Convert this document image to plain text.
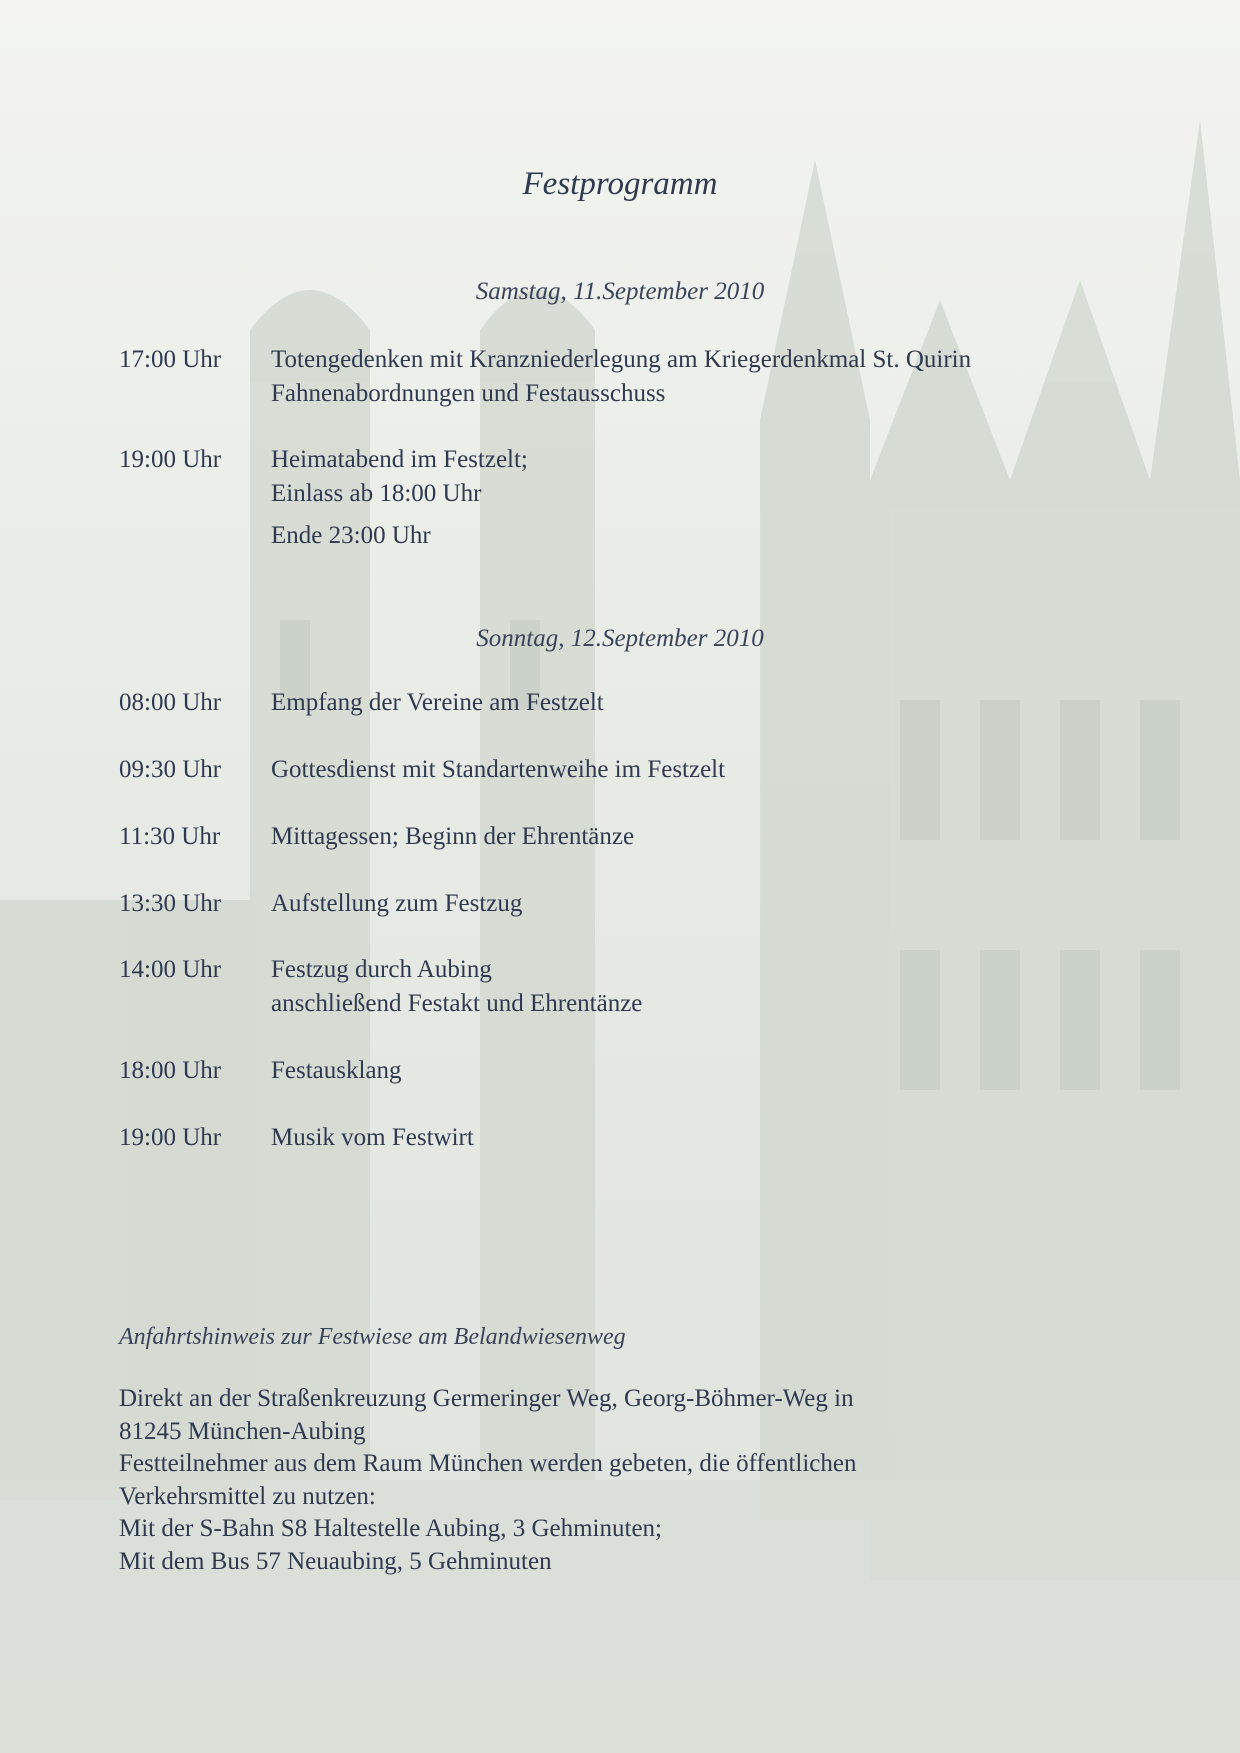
Festprogramm
Samstag, 11.September 2010
17:00 Uhr	Totengedenken mit Kranzniederlegung am Kriegerdenkmal St. Quirin
Fahnenabordnungen und Festausschuss
19:00 Uhr	Heimatabend im Festzelt;
Einlass ab 18:00 Uhr
Ende 23:00 Uhr
Sonntag, 12.September 2010
08:00 Uhr	Empfang der Vereine am Festzelt
09:30 Uhr	Gottesdienst mit Standartenweihe im Festzelt
11:30 Uhr	Mittagessen; Beginn der Ehrentänze
13:30 Uhr	Aufstellung zum Festzug
14:00 Uhr	Festzug durch Aubing
anschließend Festakt und Ehrentänze
18:00 Uhr	Festausklang
19:00 Uhr	Musik vom Festwirt
Anfahrtshinweis zur Festwiese am Belandwiesenweg
Direkt an der Straßenkreuzung Germeringer Weg, Georg-Böhmer-Weg in
81245 München-Aubing
Festteilnehmer aus dem Raum München werden gebeten, die öffentlichen
Verkehrsmittel zu nutzen:
Mit der S-Bahn S8 Haltestelle Aubing, 3 Gehminuten;
Mit dem Bus 57 Neuaubing, 5 Gehminuten
